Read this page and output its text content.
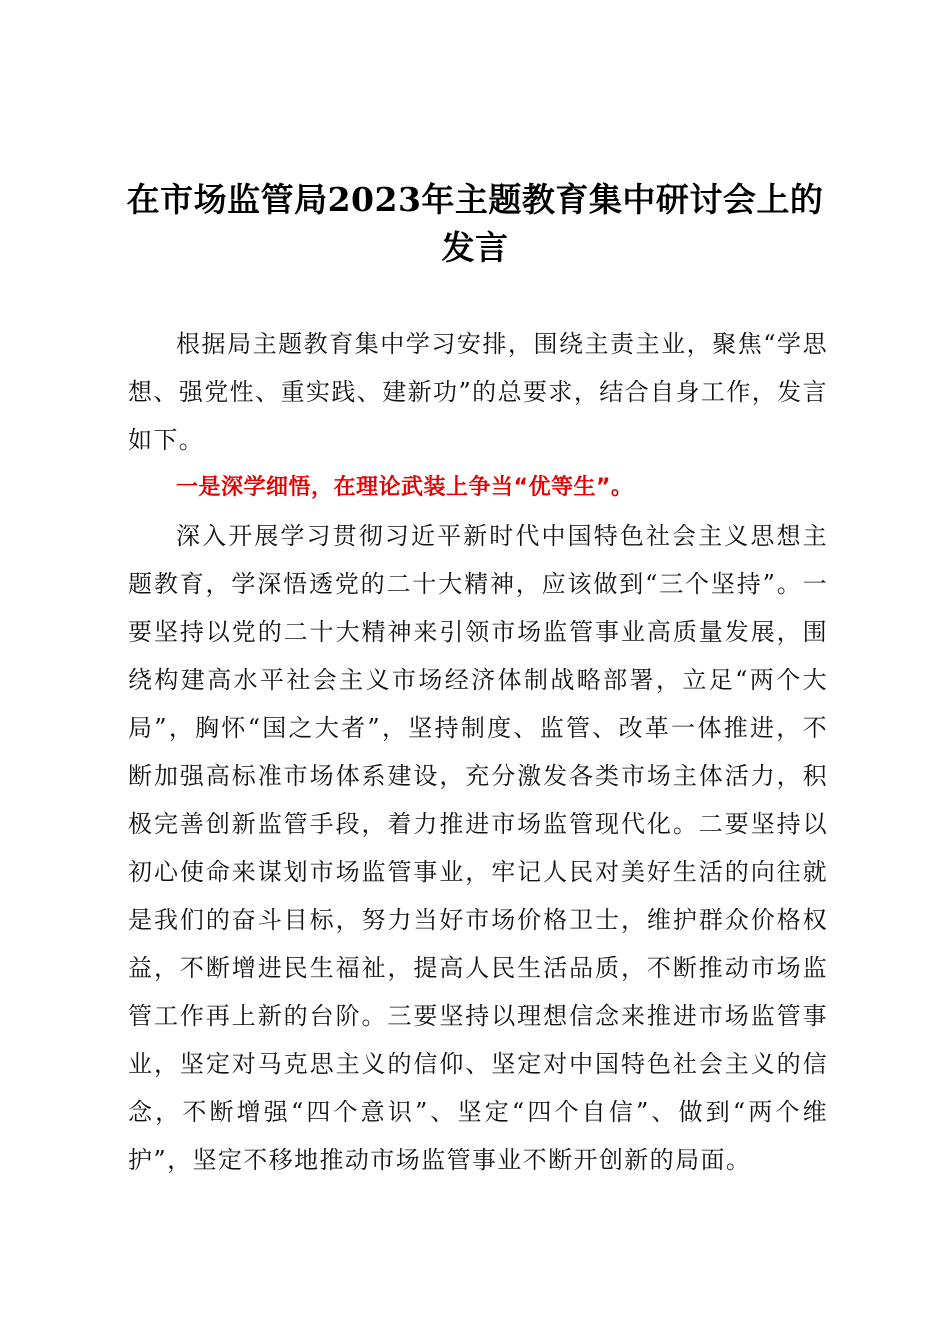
在市场监管局2023年主题教育集中研讨会上的发言

根据局主题教育集中学习安排，围绕主责主业，聚焦“学思想、强党性、重实践、建新功”的总要求，结合自身工作，发言如下。

一是深学细悟，在理论武装上争当“优等生”。

深入开展学习贯彻习近平新时代中国特色社会主义思想主题教育，学深悟透党的二十大精神，应该做到“三个坚持”。一要坚持以党的二十大精神来引领市场监管事业高质量发展，围绕构建高水平社会主义市场经济体制战略部署，立足“两个大局”，胸怀“国之大者”，坚持制度、监管、改革一体推进，不断加强高标准市场体系建设，充分激发各类市场主体活力，积极完善创新监管手段，着力推进市场监管现代化。二要坚持以初心使命来谋划市场监管事业，牢记人民对美好生活的向往就是我们的奋斗目标，努力当好市场价格卫士，维护群众价格权益，不断增进民生福祉，提高人民生活品质，不断推动市场监管工作再上新的台阶。三要坚持以理想信念来推进市场监管事业，坚定对马克思主义的信仰、坚定对中国特色社会主义的信念，不断增强“四个意识”、坚定“四个自信”、做到“两个维护”，坚定不移地推动市场监管事业不断开创新的局面。
